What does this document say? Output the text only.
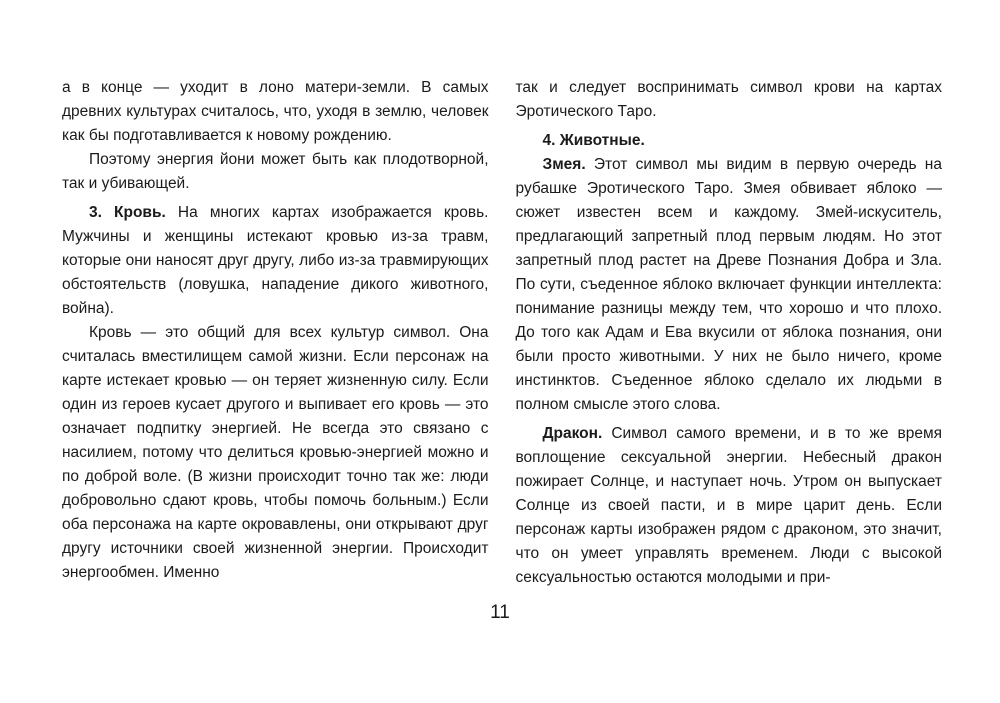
а в конце — уходит в лоно матери-земли. В самых древних культурах считалось, что, уходя в землю, человек как бы подготавливается к новому рождению.

Поэтому энергия йони может быть как плодотворной, так и убивающей.

3. Кровь. На многих картах изображается кровь. Мужчины и женщины истекают кровью из-за травм, которые они наносят друг другу, либо из-за травмирующих обстоятельств (ловушка, нападение дикого животного, война).

Кровь — это общий для всех культур символ. Она считалась вместилищем самой жизни. Если персонаж на карте истекает кровью — он теряет жизненную силу. Если один из героев кусает другого и выпивает его кровь — это означает подпитку энергией. Не всегда это связано с насилием, потому что делиться кровью-энергией можно и по доброй воле. (В жизни происходит точно так же: люди добровольно сдают кровь, чтобы помочь больным.) Если оба персонажа на карте окровавлены, они открывают друг другу источники своей жизненной энергии. Происходит энергообмен. Именно

так и следует воспринимать символ крови на картах Эротического Таро.

4. Животные.

Змея. Этот символ мы видим в первую очередь на рубашке Эротического Таро. Змея обвивает яблоко — сюжет известен всем и каждому. Змей-искуситель, предлагающий запретный плод первым людям. Но этот запретный плод растет на Древе Познания Добра и Зла. По сути, съеденное яблоко включает функции интеллекта: понимание разницы между тем, что хорошо и что плохо. До того как Адам и Ева вкусили от яблока познания, они были просто животными. У них не было ничего, кроме инстинктов. Съеденное яблоко сделало их людьми в полном смысле этого слова.

Дракон. Символ самого времени, и в то же время воплощение сексуальной энергии. Небесный дракон пожирает Солнце, и наступает ночь. Утром он выпускает Солнце из своей пасти, и в мире царит день. Если персонаж карты изображен рядом с драконом, это значит, что он умеет управлять временем. Люди с высокой сексуальностью остаются молодыми и при-

11
